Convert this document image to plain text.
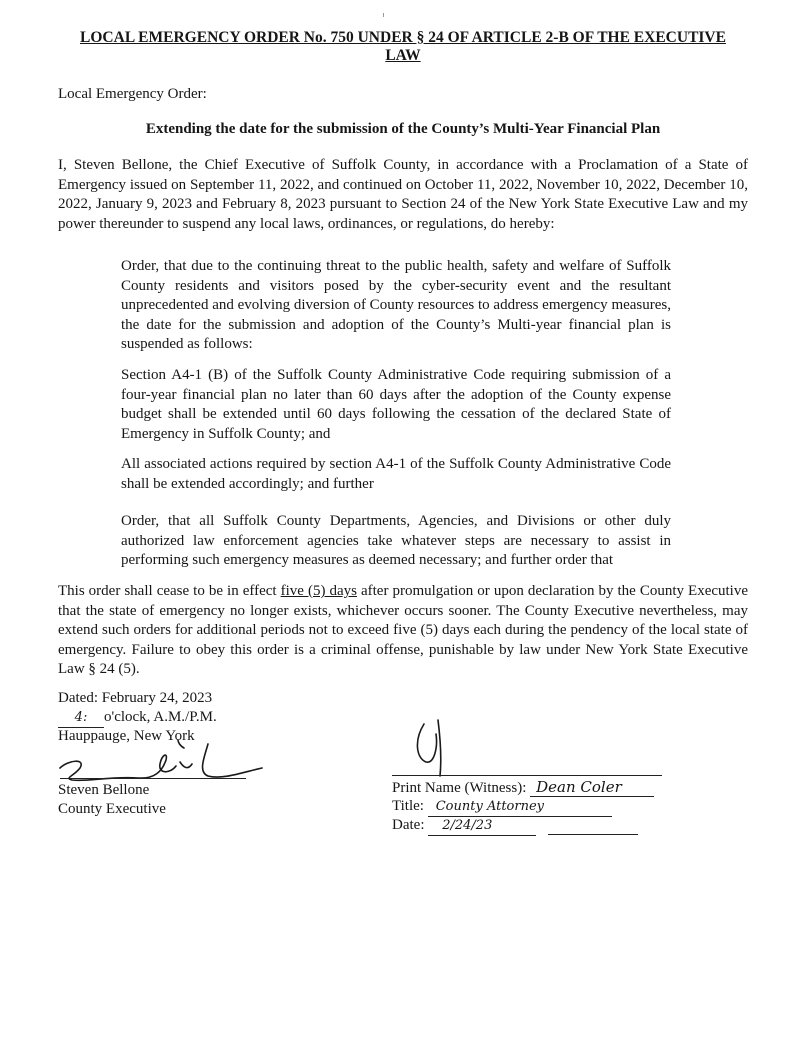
LOCAL EMERGENCY ORDER No. 750 UNDER § 24 OF ARTICLE 2-B OF THE EXECUTIVE
LAW
Local Emergency Order:
Extending the date for the submission of the County’s Multi-Year Financial Plan
I, Steven Bellone, the Chief Executive of Suffolk County, in accordance with a Proclamation of a State of Emergency issued on September 11, 2022, and continued on October 11, 2022, November 10, 2022, December 10, 2022, January 9, 2023 and February 8, 2023 pursuant to Section 24 of the New York State Executive Law and my power thereunder to suspend any local laws, ordinances, or regulations, do hereby:
Order, that due to the continuing threat to the public health, safety and welfare of Suffolk County residents and visitors posed by the cyber-security event and the resultant unprecedented and evolving diversion of County resources to address emergency measures, the date for the submission and adoption of the County’s Multi-year financial plan is suspended as follows:
Section A4-1 (B) of the Suffolk County Administrative Code requiring submission of a four-year financial plan no later than 60 days after the adoption of the County expense budget shall be extended until 60 days following the cessation of the declared State of Emergency in Suffolk County; and
All associated actions required by section A4-1 of the Suffolk County Administrative Code shall be extended accordingly; and further
Order, that all Suffolk County Departments, Agencies, and Divisions or other duly authorized law enforcement agencies take whatever steps are necessary to assist in performing such emergency measures as deemed necessary; and further order that
This order shall cease to be in effect five (5) days after promulgation or upon declaration by the County Executive that the state of emergency no longer exists, whichever occurs sooner. The County Executive nevertheless, may extend such orders for additional periods not to exceed five (5) days each during the pendency of the local state of emergency. Failure to obey this order is a criminal offense, punishable by law under New York State Executive Law § 24 (5).
Dated: February 24, 2023
4: o'clock, A.M./P.M.
Hauppauge, New York
Steven Bellone
County Executive
Print Name (Witness): Dean Coler
Title: County Attorney
Date: 2/24/23
